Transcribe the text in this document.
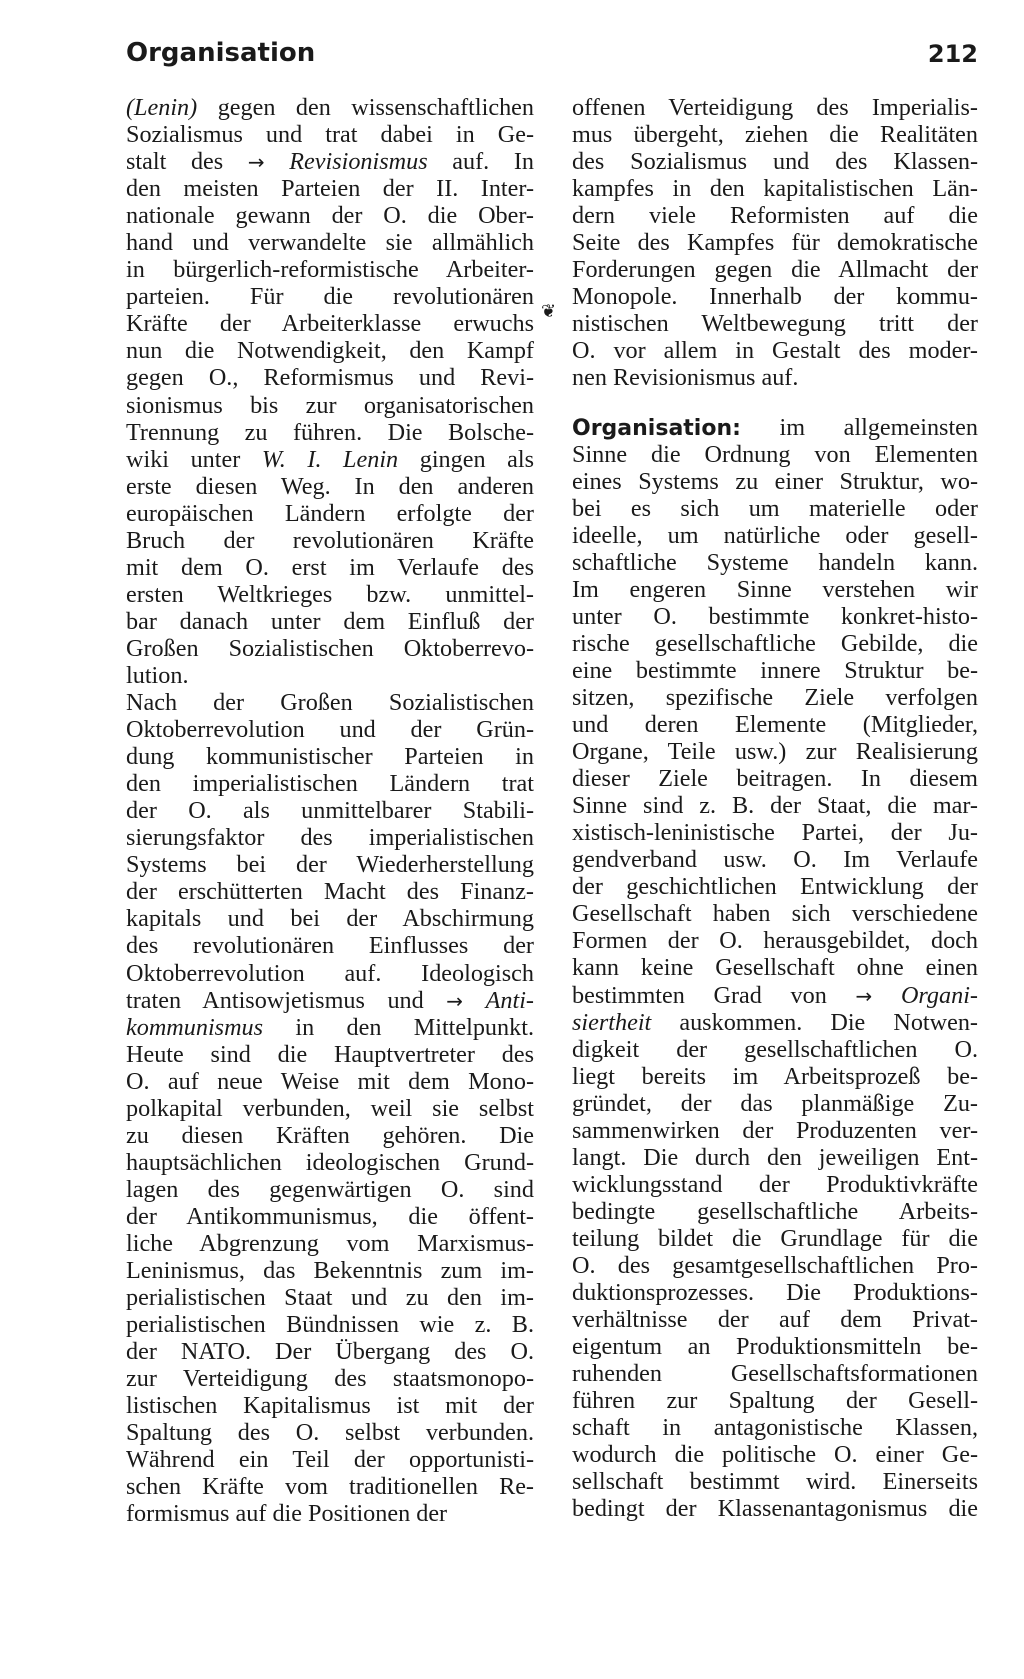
Organisation	212
❦
(Lenin) gegen den wissenschaftlichen
Sozialismus und trat dabei in Ge-
stalt des → Revisionismus auf. In
den meisten Parteien der II. Inter-
nationale gewann der O. die Ober-
hand und verwandelte sie allmählich
in bürgerlich-reformistische Arbeiter-
parteien. Für die revolutionären
Kräfte der Arbeiterklasse erwuchs
nun die Notwendigkeit, den Kampf
gegen O., Reformismus und Revi-
sionismus bis zur organisatorischen
Trennung zu führen. Die Bolsche-
wiki unter W. I. Lenin gingen als
erste diesen Weg. In den anderen
europäischen Ländern erfolgte der
Bruch der revolutionären Kräfte
mit dem O. erst im Verlaufe des
ersten Weltkrieges bzw. unmittel-
bar danach unter dem Einfluß der
Großen Sozialistischen Oktoberrevo-
lution.
Nach der Großen Sozialistischen
Oktoberrevolution und der Grün-
dung kommunistischer Parteien in
den imperialistischen Ländern trat
der O. als unmittelbarer Stabili-
sierungsfaktor des imperialistischen
Systems bei der Wiederherstellung
der erschütterten Macht des Finanz-
kapitals und bei der Abschirmung
des revolutionären Einflusses der
Oktoberrevolution auf. Ideologisch
traten Antisowjetismus und → Anti-
kommunismus in den Mittelpunkt.
Heute sind die Hauptvertreter des
O. auf neue Weise mit dem Mono-
polkapital verbunden, weil sie selbst
zu diesen Kräften gehören. Die
hauptsächlichen ideologischen Grund-
lagen des gegenwärtigen O. sind
der Antikommunismus, die öffent-
liche Abgrenzung vom Marxismus-
Leninismus, das Bekenntnis zum im-
perialistischen Staat und zu den im-
perialistischen Bündnissen wie z. B.
der NATO. Der Übergang des O.
zur Verteidigung des staatsmonopo-
listischen Kapitalismus ist mit der
Spaltung des O. selbst verbunden.
Während ein Teil der opportunisti-
schen Kräfte vom traditionellen Re-
formismus auf die Positionen der
offenen Verteidigung des Imperialis-
mus übergeht, ziehen die Realitäten
des Sozialismus und des Klassen-
kampfes in den kapitalistischen Län-
dern viele Reformisten auf die
Seite des Kampfes für demokratische
Forderungen gegen die Allmacht der
Monopole. Innerhalb der kommu-
nistischen Weltbewegung tritt der
O. vor allem in Gestalt des moder-
nen Revisionismus auf.
Organisation: im allgemeinsten
Sinne die Ordnung von Elementen
eines Systems zu einer Struktur, wo-
bei es sich um materielle oder
ideelle, um natürliche oder gesell-
schaftliche Systeme handeln kann.
Im engeren Sinne verstehen wir
unter O. bestimmte konkret-histo-
rische gesellschaftliche Gebilde, die
eine bestimmte innere Struktur be-
sitzen, spezifische Ziele verfolgen
und deren Elemente (Mitglieder,
Organe, Teile usw.) zur Realisierung
dieser Ziele beitragen. In diesem
Sinne sind z. B. der Staat, die mar-
xistisch-leninistische Partei, der Ju-
gendverband usw. O. Im Verlaufe
der geschichtlichen Entwicklung der
Gesellschaft haben sich verschiedene
Formen der O. herausgebildet, doch
kann keine Gesellschaft ohne einen
bestimmten Grad von → Organi-
siertheit auskommen. Die Notwen-
digkeit der gesellschaftlichen O.
liegt bereits im Arbeitsprozeß be-
gründet, der das planmäßige Zu-
sammenwirken der Produzenten ver-
langt. Die durch den jeweiligen Ent-
wicklungsstand der Produktivkräfte
bedingte gesellschaftliche Arbeits-
teilung bildet die Grundlage für die
O. des gesamtgesellschaftlichen Pro-
duktionsprozesses. Die Produktions-
verhältnisse der auf dem Privat-
eigentum an Produktionsmitteln be-
ruhenden Gesellschaftsformationen
führen zur Spaltung der Gesell-
schaft in antagonistische Klassen,
wodurch die politische O. einer Ge-
sellschaft bestimmt wird. Einerseits
bedingt der Klassenantagonismus die
